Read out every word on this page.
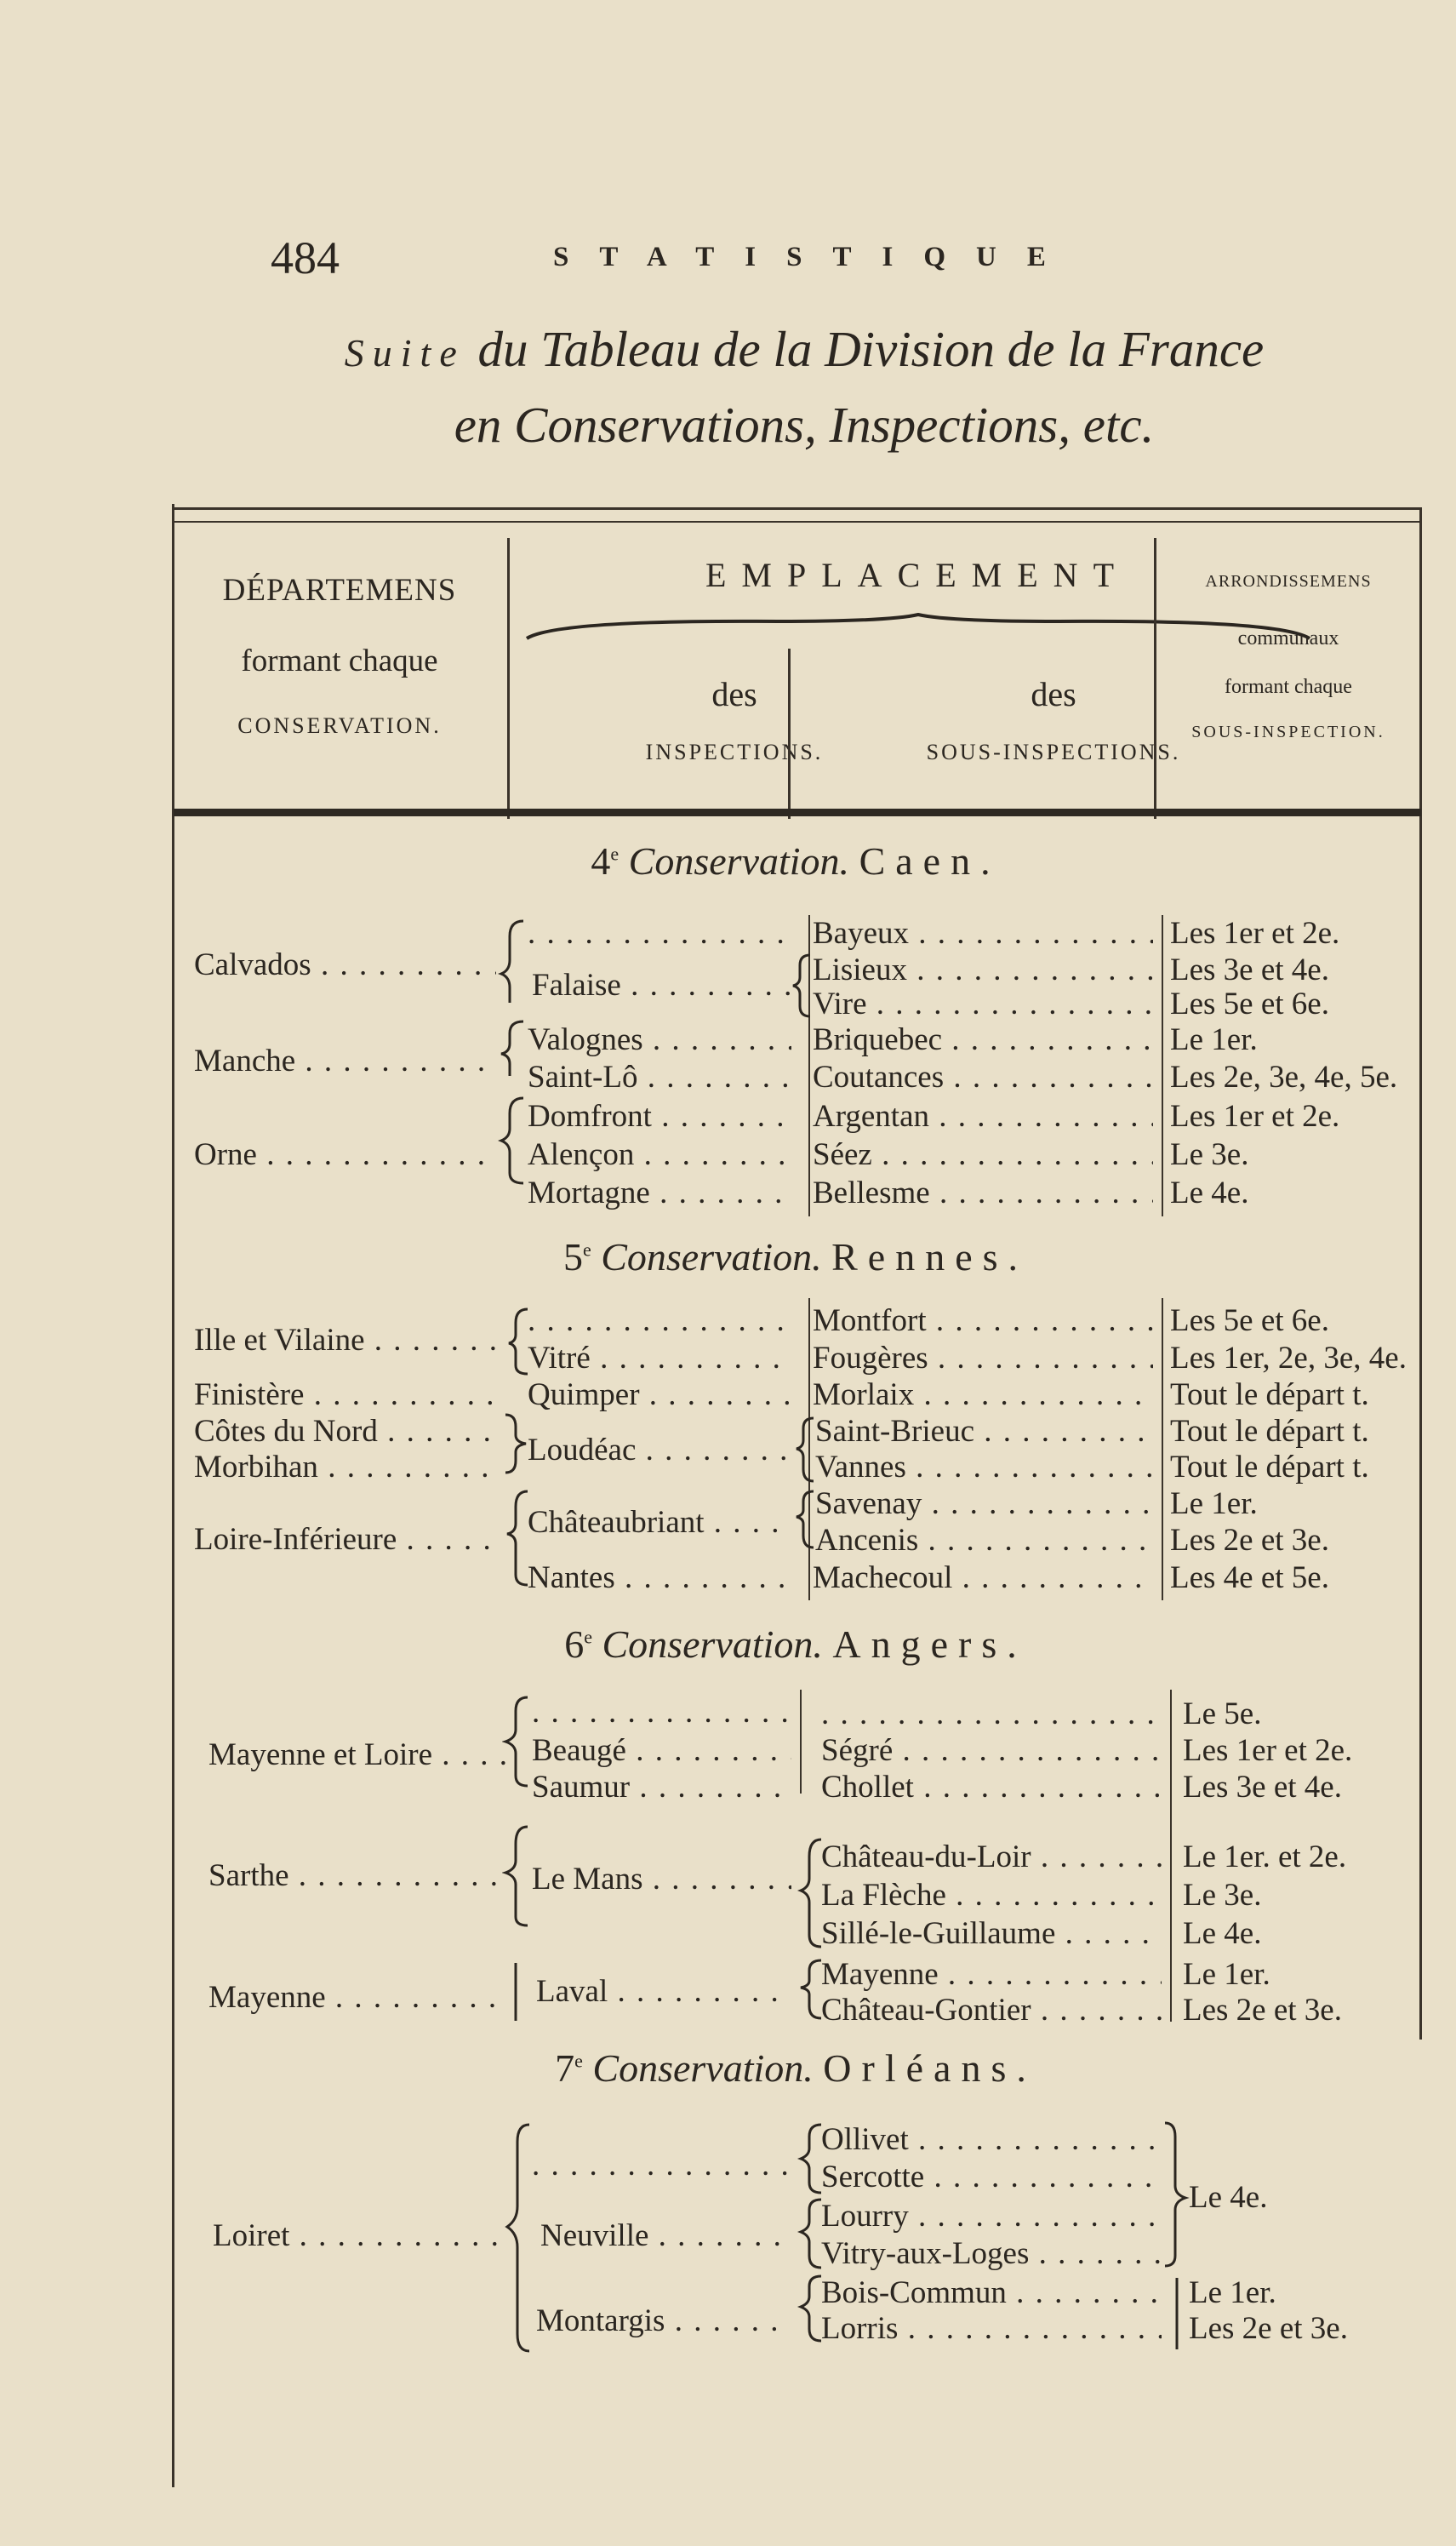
484	STATISTIQUE
Suite du Tableau de la Division de la France
en Conservations, Inspections, etc.
DÉPARTEMENS
formant chaque
CONSERVATION.
EMPLACEMENT
des
INSPECTIONS.
des
SOUS-INSPECTIONS.
ARRONDISSEMENS
communaux
formant chaque
SOUS-INSPECTION.
4e Conservation. Caen.
Calvados . . .
Manche . . .
Orne . . .
. . .
Falaise . . .
Valognes . . .
Saint-Lô . . .
Domfront . . .
Alençon . . .
Mortagne . . .
Bayeux . . .
Lisieux . . .
Vire . . .
Briquebec . . .
Coutances . . .
Argentan . . .
Séez . . .
Bellesme . . .
Les 1er et 2e.
Les 3e et 4e.
Les 5e et 6e.
Le 1er.
Les 2e, 3e, 4e, 5e.
Les 1er et 2e.
Le 3e.
Le 4e.
5e Conservation. Rennes.
Ille et Vilaine . . .
Finistère . . .
Côtes du Nord . . .
Morbihan . . .
Loire-Inférieure . . .
. . .
Vitré . . .
Quimper . . .
Loudéac . . .
Châteaubriant . . .
Nantes . . .
Montfort . . .
Fougères . . .
Morlaix . . .
Saint-Brieuc . . .
Vannes . . .
Savenay . . .
Ancenis . . .
Machecoul . . .
Les 5e et 6e.
Les 1er, 2e, 3e, 4e.
Tout le départ t.
Tout le départ t.
Tout le départ t.
Le 1er.
Les 2e et 3e.
Les 4e et 5e.
6e Conservation. Angers.
Mayenne et Loire . . .
Sarthe . . .
Mayenne . . .
. . .
Beaugé . . .
Saumur . . .
Le Mans . . .
Laval . . .
. . .
Ségré . . .
Chollet . . .
Château-du-Loir . . .
La Flèche . . .
Sillé-le-Guillaume . . .
Mayenne . . .
Château-Gontier . . .
Le 5e.
Les 1er et 2e.
Les 3e et 4e.
Le 1er. et 2e.
Le 3e.
Le 4e.
Le 1er.
Les 2e et 3e.
7e Conservation. Orléans.
Loiret . . .
. . .	Neuville . . .
Montargis . . .
Ollivet . . .
Sercotte . . .
Lourry . . .
Vitry-aux-Loges . . .
Bois-Commun . . .
Lorris . . .
Le 4e.
Le 1er.
Les 2e et 3e.
